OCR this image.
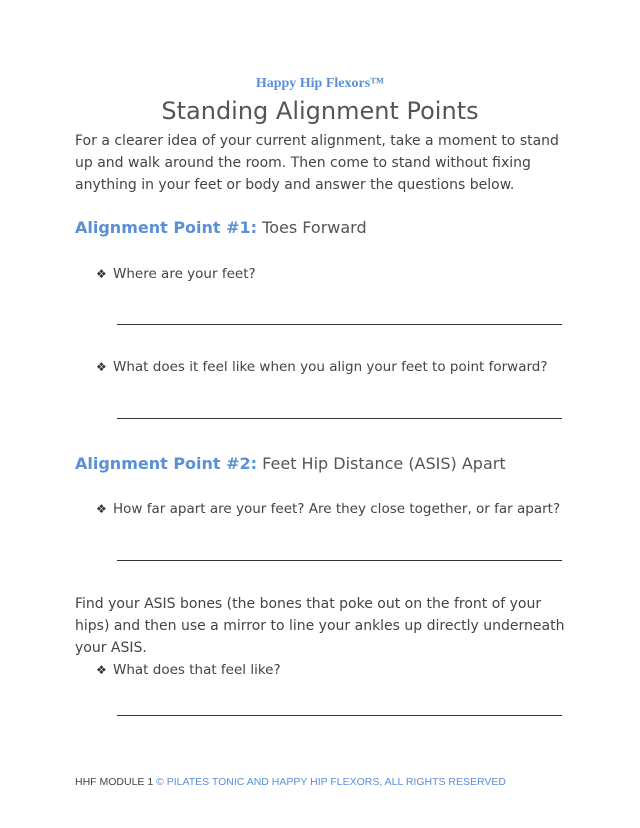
Happy Hip Flexors™
Standing Alignment Points
For a clearer idea of your current alignment, take a moment to stand up and walk around the room. Then come to stand without fixing anything in your feet or body and answer the questions below.
Alignment Point #1: Toes Forward
❖ Where are your feet?
❖ What does it feel like when you align your feet to point forward?
Alignment Point #2: Feet Hip Distance (ASIS) Apart
❖ How far apart are your feet? Are they close together, or far apart?
Find your ASIS bones (the bones that poke out on the front of your hips) and then use a mirror to line your ankles up directly underneath your ASIS.
❖ What does that feel like?
HHF MODULE 1 © PILATES TONIC AND HAPPY HIP FLEXORS, ALL RIGHTS RESERVED
